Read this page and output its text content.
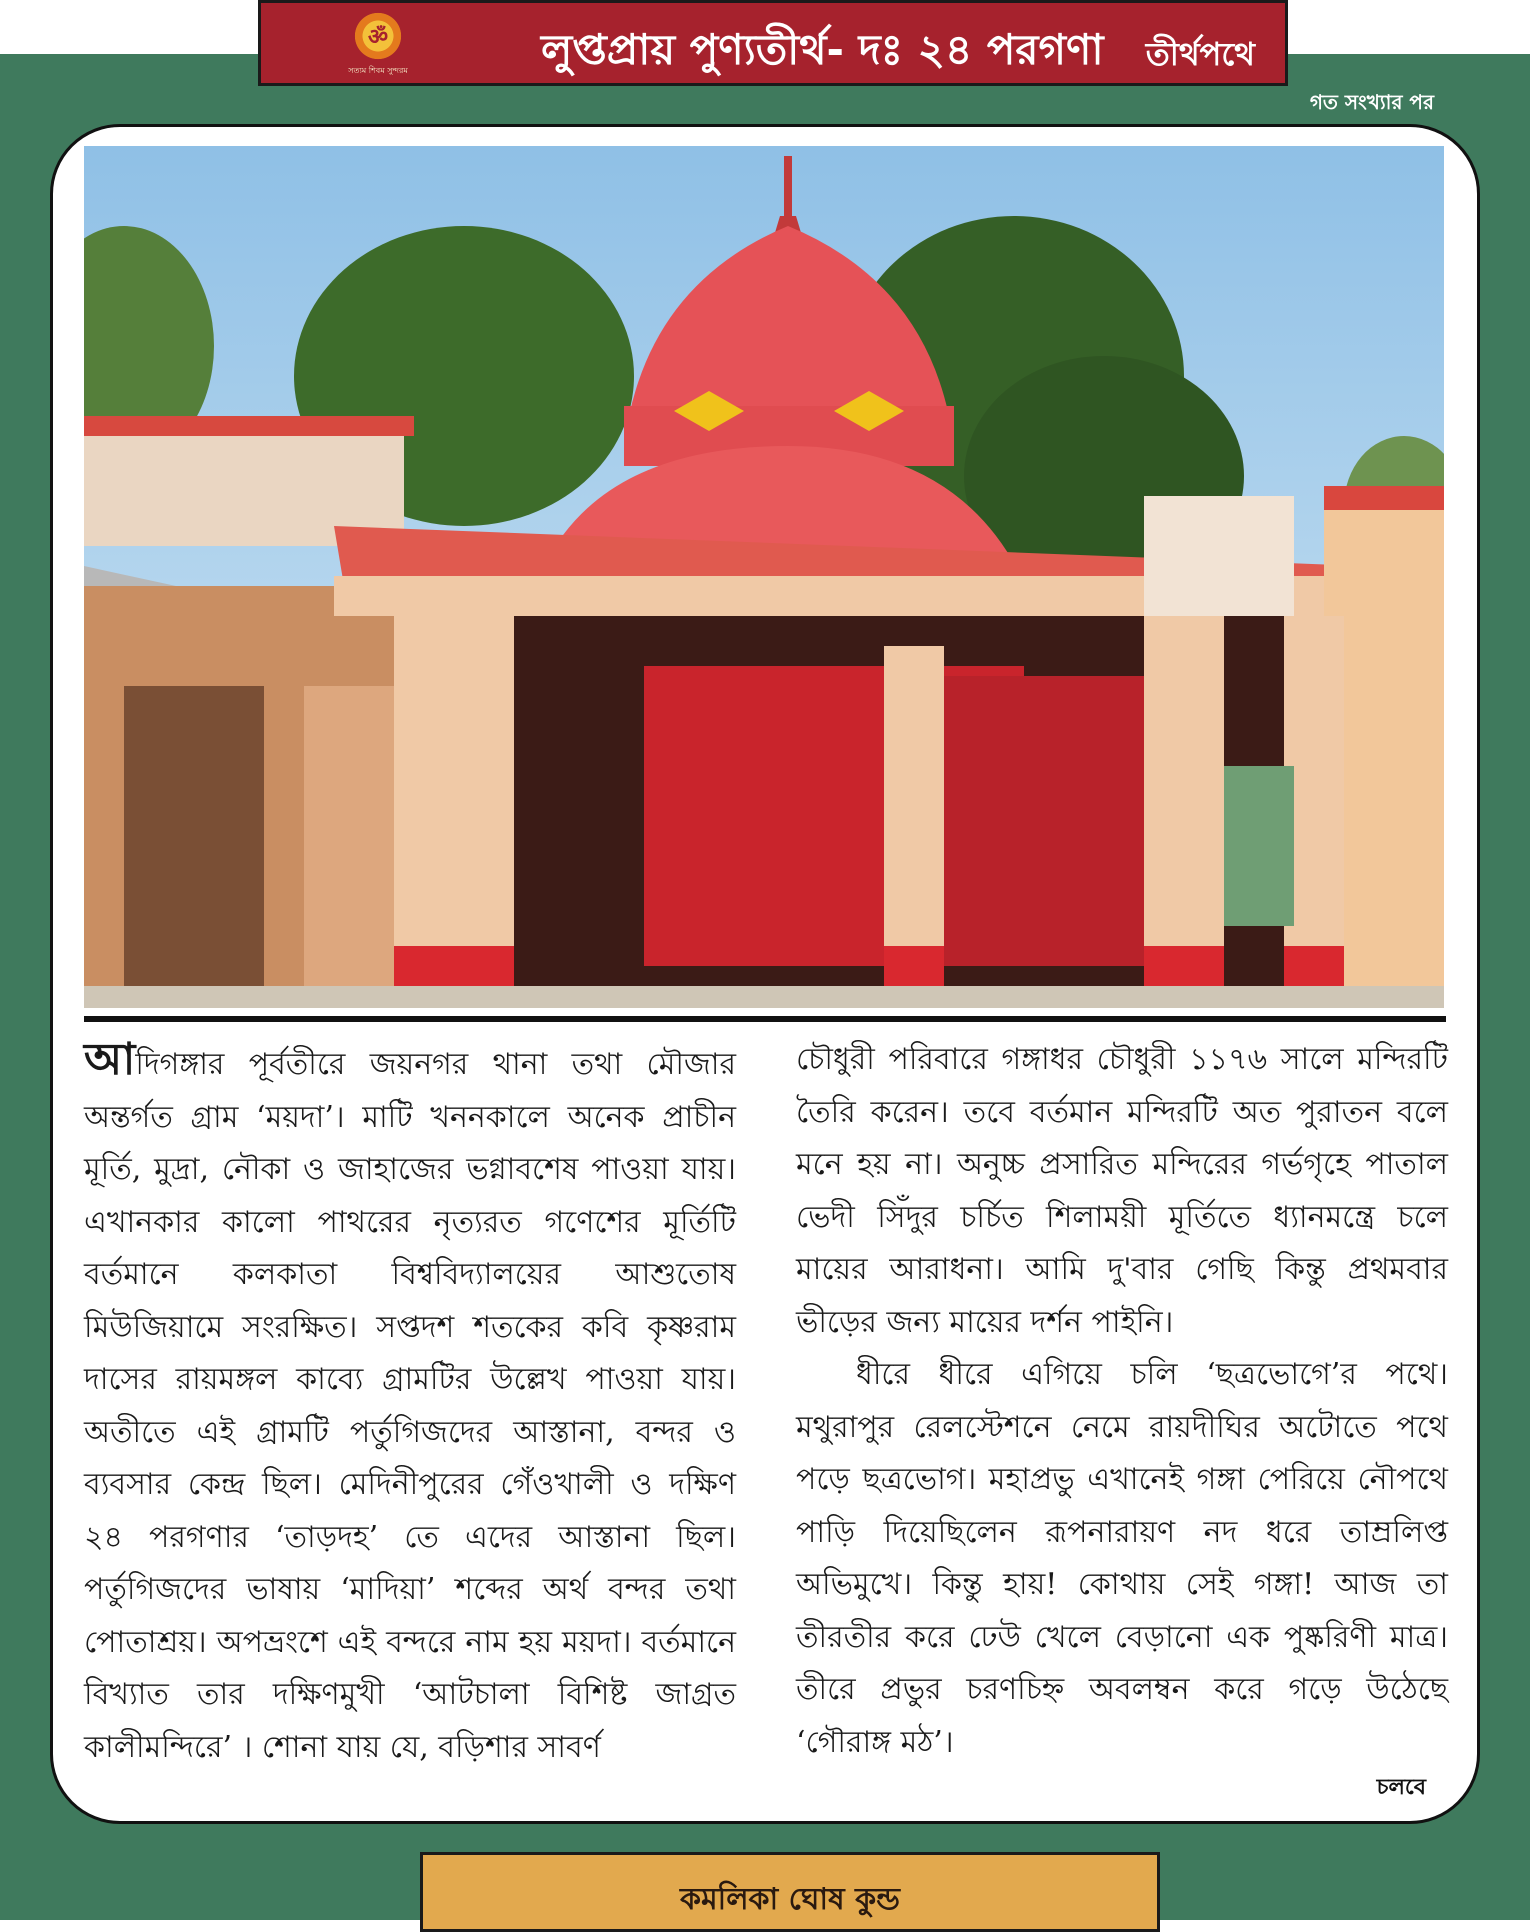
ॐ
সত্যম শিবম সুন্দরম	লুপ্তপ্রায় পুণ্যতীর্থ- দঃ ২৪ পরগণা তীর্থপথে
গত সংখ্যার পর

আদিগঙ্গার পূর্বতীরে জয়নগর থানা তথা মৌজার অন্তর্গত গ্রাম ‘ময়দা’। মাটি খননকালে অনেক প্রাচীন মূর্তি, মুদ্রা, নৌকা ও জাহাজের ভগ্নাবশেষ পাওয়া যায়। এখানকার কালো পাথরের নৃত্যরত গণেশের মূর্তিটি বর্তমানে কলকাতা বিশ্ববিদ্যালয়ের আশুতোষ মিউজিয়ামে সংরক্ষিত। সপ্তদশ শতকের কবি কৃষ্ণরাম দাসের রায়মঙ্গল কাব্যে গ্রামটির উল্লেখ পাওয়া যায়। অতীতে এই গ্রামটি পর্তুগিজদের আস্তানা, বন্দর ও ব্যবসার কেন্দ্র ছিল। মেদিনীপুরের গেঁওখালী ও দক্ষিণ ২৪ পরগণার ‘তাড়দহ’ তে এদের আস্তানা ছিল। পর্তুগিজদের ভাষায় ‘মাদিয়া’ শব্দের অর্থ বন্দর তথা পোতাশ্রয়। অপভ্রংশে এই বন্দরে নাম হয় ময়দা। বর্তমানে বিখ্যাত তার দক্ষিণমুখী ‘আটচালা বিশিষ্ট জাগ্রত কালীমন্দিরে’ । শোনা যায় যে, বড়িশার সাবর্ণ

চৌধুরী পরিবারে গঙ্গাধর চৌধুরী ১১৭৬ সালে মন্দিরটি তৈরি করেন। তবে বর্তমান মন্দিরটি অত পুরাতন বলে মনে হয় না। অনুচ্চ প্রসারিত মন্দিরের গর্ভগৃহে পাতাল ভেদী সিঁদুর চর্চিত শিলাময়ী মূর্তিতে ধ্যানমন্ত্রে চলে মায়ের আরাধনা। আমি দু'বার গেছি কিন্তু প্রথমবার ভীড়ের জন্য মায়ের দর্শন পাইনি।

ধীরে ধীরে এগিয়ে চলি ‘ছত্রভোগে’র পথে। মথুরাপুর রেলস্টেশনে নেমে রায়দীঘির অটোতে পথে পড়ে ছত্রভোগ। মহাপ্রভু এখানেই গঙ্গা পেরিয়ে নৌপথে পাড়ি দিয়েছিলেন রূপনারায়ণ নদ ধরে তাম্রলিপ্ত অভিমুখে। কিন্তু হায়! কোথায় সেই গঙ্গা! আজ তা তীরতীর করে ঢেউ খেলে বেড়ানো এক পুষ্করিণী মাত্র। তীরে প্রভুর চরণচিহ্ন অবলম্বন করে গড়ে উঠেছে ‘গৌরাঙ্গ মঠ’।

চলবে
কমলিকা ঘোষ কুন্ড
